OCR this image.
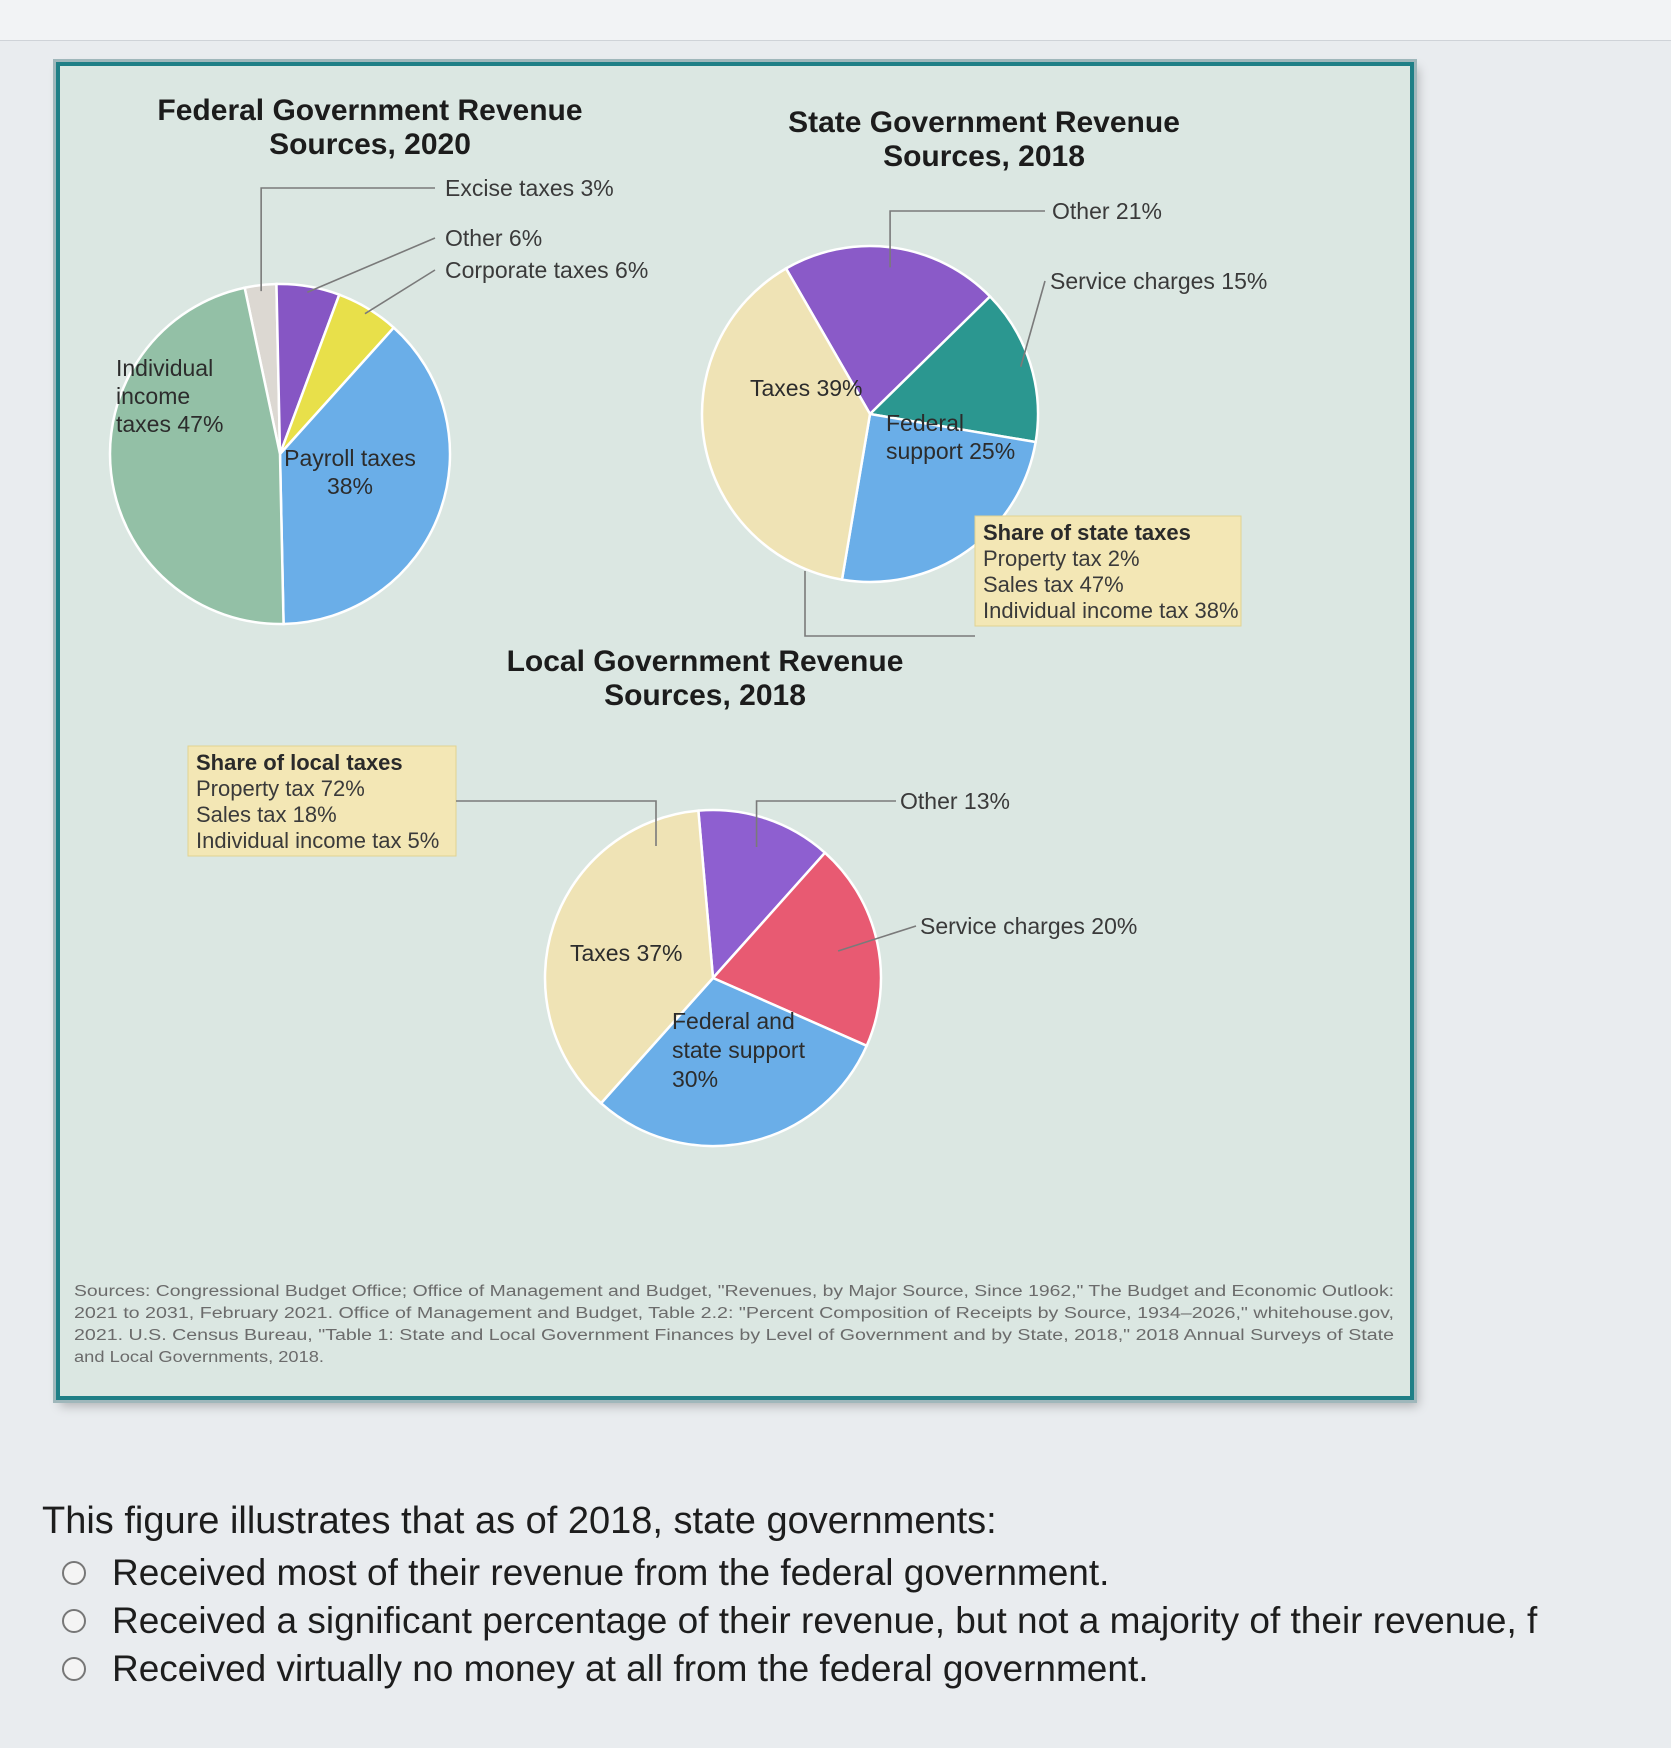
Federal Government Revenue
Sources, 2020
Excise taxes 3%
Other 6%
Corporate taxes 6%
Payroll taxes
38%
Individual
income
taxes 47%
State Government Revenue
Sources, 2018
Other 21%
Service charges 15%
Federal
support 25%
Taxes 39%
Share of state taxes
Property tax 2%
Sales tax 47%
Individual income tax 38%
Local Government Revenue
Sources, 2018
Share of local taxes
Property tax 72%
Sales tax 18%
Individual income tax 5%
Other 13%
Service charges 20%
Federal and
state support
30%
Taxes 37%
Sources: Congressional Budget Office; Office of Management and Budget, "Revenues, by Major Source, Since 1962," The Budget and Economic Outlook:
2021 to 2031, February 2021. Office of Management and Budget, Table 2.2: "Percent Composition of Receipts by Source, 1934–2026," whitehouse.gov,
2021. U.S. Census Bureau, "Table 1: State and Local Government Finances by Level of Government and by State, 2018," 2018 Annual Surveys of State
and Local Governments, 2018.

This figure illustrates that as of 2018, state governments:

Received most of their revenue from the federal government.
Received a significant percentage of their revenue, but not a majority of their revenue, f
Received virtually no money at all from the federal government.
